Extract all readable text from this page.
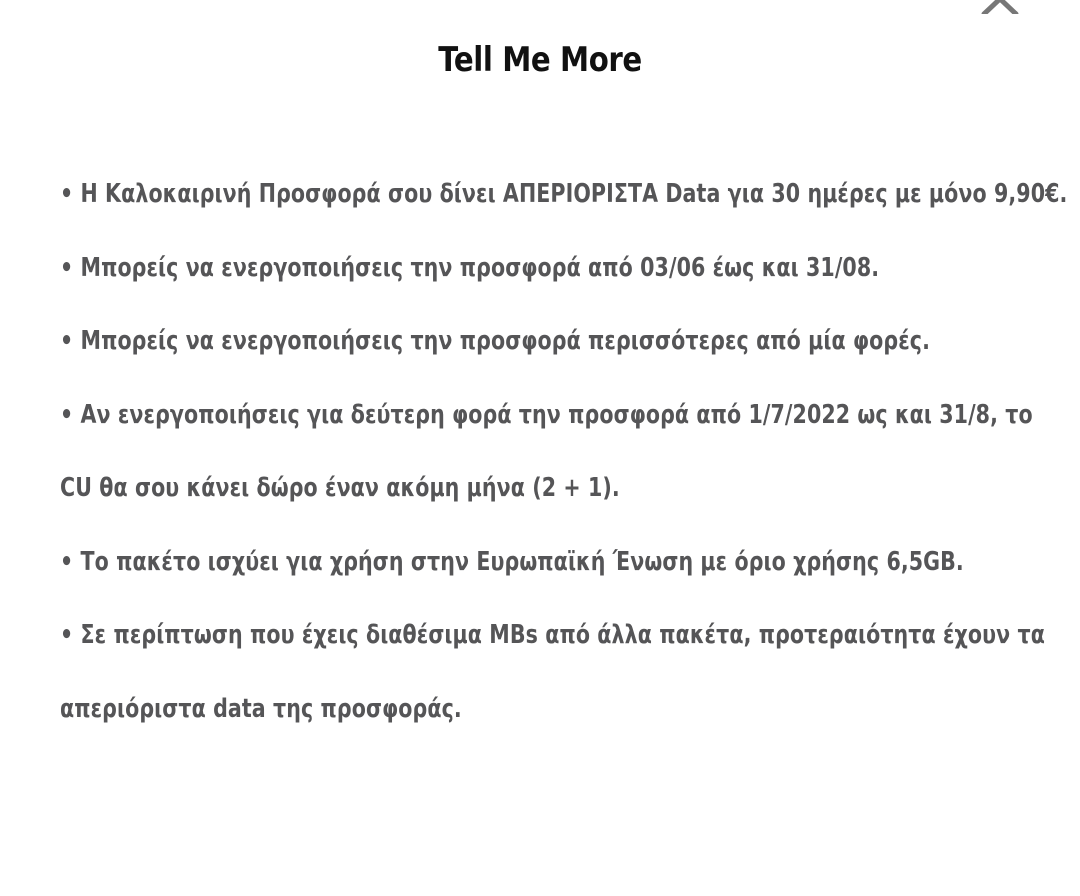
Tell Me More

• Η Καλοκαιρινή Προσφορά σου δίνει ΑΠΕΡΙΟΡΙΣΤΑ Data για 30 ημέρες με μόνο 9,90€.

• Μπορείς να ενεργοποιήσεις την προσφορά από 03/06 έως και 31/08.

• Μπορείς να ενεργοποιήσεις την προσφορά περισσότερες από μία φορές.

• Αν ενεργοποιήσεις για δεύτερη φορά την προσφορά από 1/7/2022 ως και 31/8, το CU θα σου κάνει δώρο έναν ακόμη μήνα (2 + 1).

• Το πακέτο ισχύει για χρήση στην Ευρωπαϊκή Ένωση με όριο χρήσης 6,5GB.

• Σε περίπτωση που έχεις διαθέσιμα MBs από άλλα πακέτα, προτεραιότητα έχουν τα απεριόριστα data της προσφοράς.
